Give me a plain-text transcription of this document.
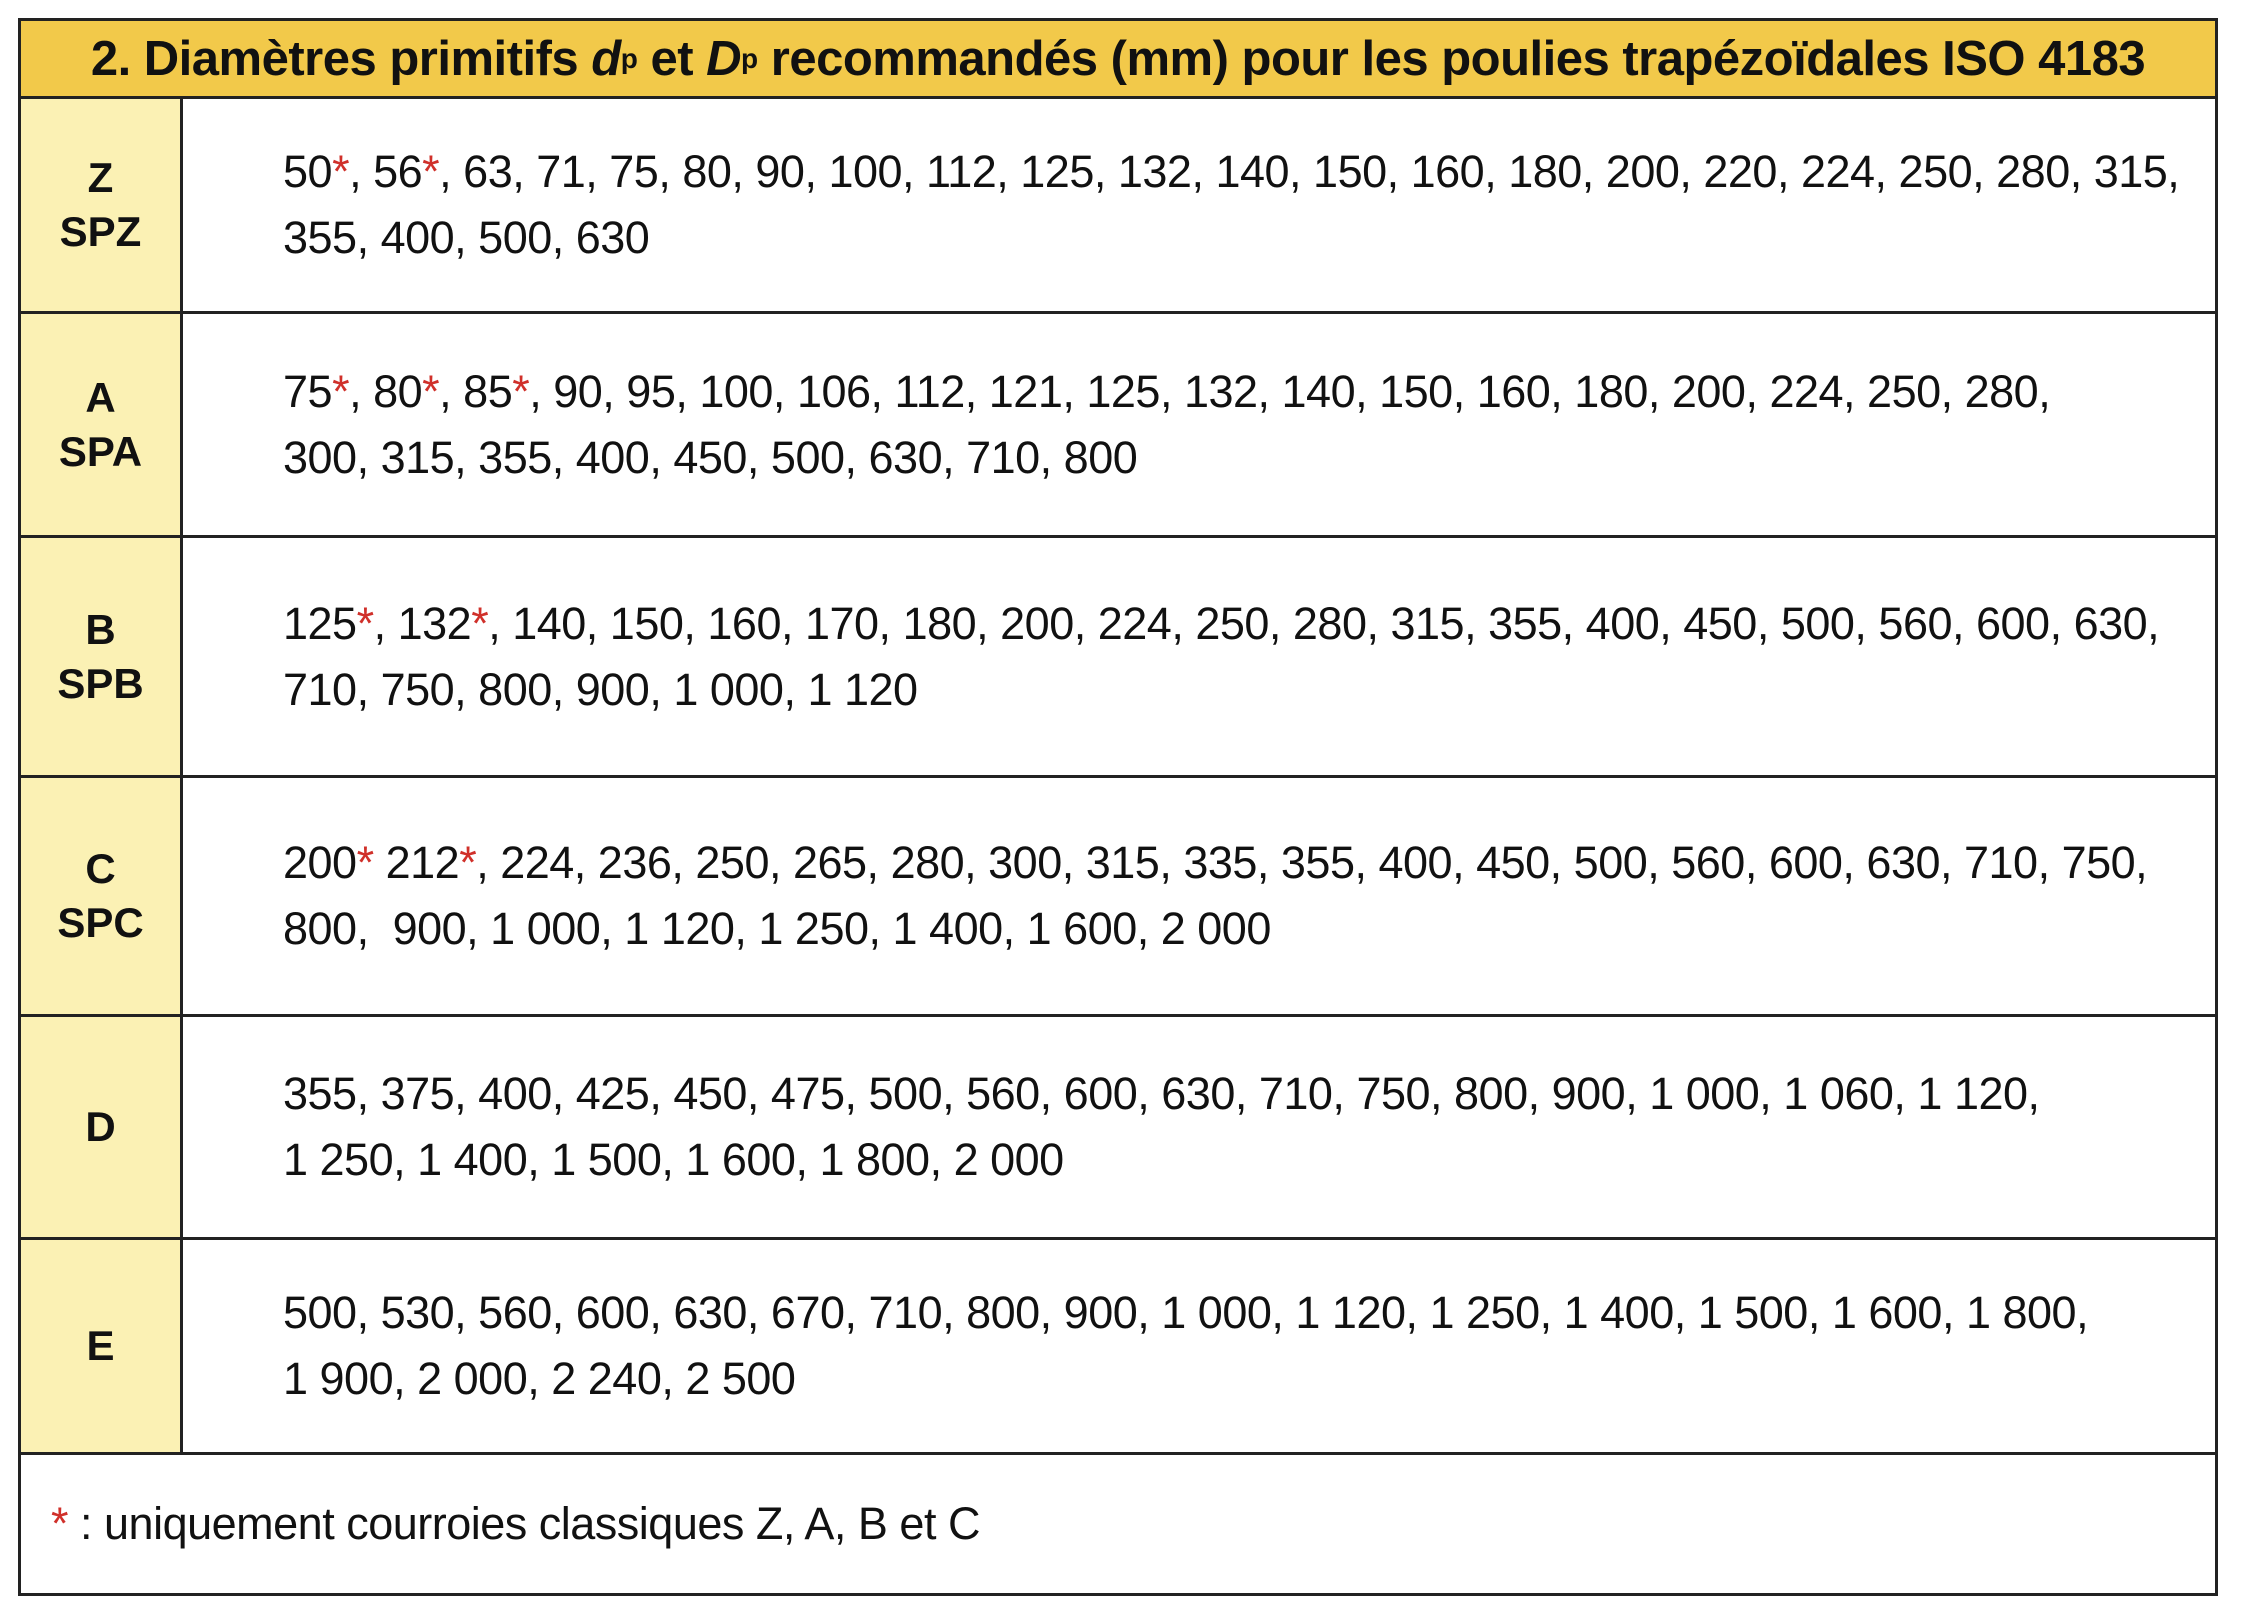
2. Diamètres primitifs
d p et D p recommandés (mm) pour les poulies trapézoïdales ISO 4183
Z
SPZ
50*, 56*, 63, 71, 75, 80, 90, 100, 112, 125, 132, 140, 150, 160, 180, 200, 220, 224, 250, 280, 315,
355, 400, 500, 630
A
SPA
75*, 80*, 85*, 90, 95, 100, 106, 112, 121, 125, 132, 140, 150, 160, 180, 200, 224, 250, 280,
300, 315, 355, 400, 450, 500, 630, 710, 800
B
SPB
125*, 132*, 140, 150, 160, 170, 180, 200, 224, 250, 280, 315, 355, 400, 450, 500, 560, 600, 630,
710, 750, 800, 900, 1 000, 1 120
C
SPC
200* 212*, 224, 236, 250, 265, 280, 300, 315, 335, 355, 400, 450, 500, 560, 600, 630, 710, 750,
800,  900, 1 000, 1 120, 1 250, 1 400, 1 600, 2 000
D
355, 375, 400, 425, 450, 475, 500, 560, 600, 630, 710, 750, 800, 900, 1 000, 1 060, 1 120,
1 250, 1 400, 1 500, 1 600, 1 800, 2 000
E
500, 530, 560, 600, 630, 670, 710, 800, 900, 1 000, 1 120, 1 250, 1 400, 1 500, 1 600, 1 800,
1 900, 2 000, 2 240, 2 500
* : uniquement courroies classiques Z, A, B et C
